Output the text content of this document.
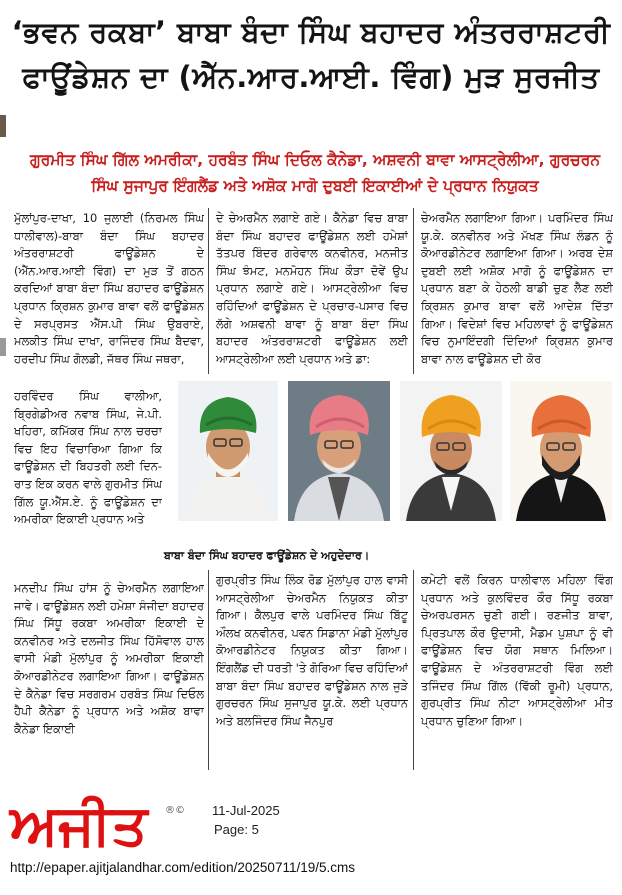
‘ਭਵਨ ਰਕਬਾ’ ਬਾਬਾ ਬੰਦਾ ਸਿੰਘ ਬਹਾਦਰ ਅੰਤਰਰਾਸ਼ਟਰੀ ਫਾਊਂਡੇਸ਼ਨ ਦਾ (ਐੱਨ.ਆਰ.ਆਈ. ਵਿੰਗ) ਮੁੜ ਸੁਰਜੀਤ
ਗੁਰਮੀਤ ਸਿੰਘ ਗਿੱਲ ਅਮਰੀਕਾ, ਹਰਬੰਤ ਸਿੰਘ ਦਿਓਲ ਕੈਨੇਡਾ, ਅਸ਼ਵਨੀ ਬਾਵਾ ਆਸਟ੍ਰੇਲੀਆ, ਗੁਰਚਰਨ ਸਿੰਘ ਸੁਜਾਪੁਰ ਇੰਗਲੈਂਡ ਅਤੇ ਅਸ਼ੋਕ ਮਾਗੋ ਦੁਬਈ ਇਕਾਈਆਂ ਦੇ ਪ੍ਰਧਾਨ ਨਿਯੁਕਤ
ਮੁੱਲਾਂਪੁਰ-ਦਾਖਾ, 10 ਜੁਲਾਈ (ਨਿਰਮਲ ਸਿੰਘ ਧਾਲੀਵਾਲ)-ਬਾਬਾ ਬੰਦਾ ਸਿੰਘ ਬਹਾਦਰ ਅੰਤਰਰਾਸ਼ਟਰੀ ਫਾਊਂਡੇਸ਼ਨ ਦੇ (ਐੱਨ.ਆਰ.ਆਈ ਵਿੰਗ) ਦਾ ਮੁੜ ਤੋਂ ਗਠਨ ਕਰਦਿਆਂ ਬਾਬਾ ਬੰਦਾ ਸਿੰਘ ਬਹਾਦਰ ਫਾਊਂਡੇਸ਼ਨ ਪ੍ਰਧਾਨ ਕ੍ਰਿਸ਼ਨ ਕੁਮਾਰ ਬਾਵਾ ਵਲੋਂ ਫਾਊਂਡੇਸ਼ਨ ਦੇ ਸਰਪ੍ਰਸਤ ਐੱਸ.ਪੀ ਸਿੰਘ ਉਬਰਾਏ, ਮਲਕੀਤ ਸਿੰਘ ਦਾਖਾ, ਰਾਜਿੰਦਰ ਸਿੰਘ ਬੈਦਵਾ, ਹਰਦੀਪ ਸਿੰਘ ਗੋਲਡੀ, ਜੱਥਰ ਸਿੰਘ ਜਥਰਾ,
ਹਰਵਿੰਦਰ ਸਿੰਘ ਵਾਲੀਆ, ਬ੍ਰਿਗੇਡੀਅਰ ਨਵਾਬ ਸਿੰਘ, ਜੇ.ਪੀ. ਖਹਿਰਾ, ਕਮਿੱਕਰ ਸਿੰਘ ਨਾਲ ਚਰਚਾ ਵਿਚ ਇਹ ਵਿਚਾਰਿਆ ਗਿਆ ਕਿ ਫਾਊਂਡੇਸ਼ਨ ਦੀ ਬਿਹਤਰੀ ਲਈ ਦਿਨ-ਰਾਤ ਇਕ ਕਰਨ ਵਾਲੇ ਗੁਰਮੀਤ ਸਿੰਘ ਗਿੱਲ ਯੂ.ਐੱਸ.ਏ. ਨੂੰ ਫਾਊਂਡੇਸ਼ਨ ਦਾ ਅਮਰੀਕਾ ਇਕਾਈ ਪ੍ਰਧਾਨ ਅਤੇ
ਮਨਦੀਪ ਸਿੰਘ ਹਾਂਸ ਨੂੰ ਚੇਅਰਮੈਨ ਲਗਾਇਆ ਜਾਵੇ। ਫਾਊਂਡੇਸ਼ਨ ਲਈ ਹਮੇਸ਼ਾ ਸੰਜੀਦਾ ਬਹਾਦਰ ਸਿੰਘ ਸਿੱਧੂ ਰਕਬਾ ਅਮਰੀਕਾ ਇਕਾਈ ਦੇ ਕਨਵੀਨਰ ਅਤੇ ਦਲਜੀਤ ਸਿੰਘ ਹਿੱਸੋਵਾਲ ਹਾਲ ਵਾਸੀ ਮੰਡੀ ਮੁੱਲਾਂਪੁਰ ਨੂੰ ਅਮਰੀਕਾ ਇਕਾਈ ਕੋਆਰਡੀਨੇਟਰ ਲਗਾਇਆ ਗਿਆ। ਫਾਊਂਡੇਸ਼ਨ ਦੇ ਕੈਨੇਡਾ ਵਿਚ ਸਰਗਰਮ ਹਰਬੰਤ ਸਿੰਘ ਦਿਓਲ ਹੈਪੀ ਕੈਨੇਡਾ ਨੂੰ ਪ੍ਰਧਾਨ ਅਤੇ ਅਸ਼ੋਕ ਬਾਵਾ ਕੈਨੇਡਾ ਇਕਾਈ
ਦੇ ਚੇਅਰਮੈਨ ਲਗਾਏ ਗਏ। ਕੈਨੇਡਾ ਵਿਚ ਬਾਬਾ ਬੰਦਾ ਸਿੰਘ ਬਹਾਦਰ ਫਾਊਂਡੇਸ਼ਨ ਲਈ ਹਮੇਸ਼ਾਂ ਤੱਤਪਰ ਬਿੰਦਰ ਗਰੇਵਾਲ ਕਨਵੀਨਰ, ਮਨਜੀਤ ਸਿੰਘ ਝੰਮਟ, ਮਨਮੋਹਨ ਸਿੰਘ ਕੌੜਾ ਦੋਵੇਂ ਉਪ ਪ੍ਰਧਾਨ ਲਗਾਏ ਗਏ। ਆਸਟ੍ਰੇਲੀਆ ਵਿਚ ਰਹਿੰਦਿਆਂ ਫਾਊਂਡੇਸ਼ਨ ਦੇ ਪ੍ਰਚਾਰ-ਪਸਾਰ ਵਿਚ ਲੱਗੇ ਅਸ਼ਵਨੀ ਬਾਵਾ ਨੂੰ ਬਾਬਾ ਬੰਦਾ ਸਿੰਘ ਬਹਾਦਰ ਅੰਤਰਰਾਸ਼ਟਰੀ ਫਾਊਂਡੇਸ਼ਨ ਲਈ ਆਸਟ੍ਰੇਲੀਆ ਲਈ ਪ੍ਰਧਾਨ ਅਤੇ ਡਾ:
ਗੁਰਪ੍ਰੀਤ ਸਿੰਘ ਲਿੰਕ ਰੋਡ ਮੁੱਲਾਂਪੁਰ ਹਾਲ ਵਾਸੀ ਆਸਟ੍ਰੇਲੀਆ ਚੇਅਰਮੈਨ ਨਿਯੁਕਤ ਕੀਤਾ ਗਿਆ। ਕੈਲਪੁਰ ਵਾਲੇ ਪਰਮਿੰਦਰ ਸਿੰਘ ਬਿੱਟੂ ਔਲਖ ਕਨਵੀਨਰ, ਪਵਨ ਸਿਡਾਨਾ ਮੰਡੀ ਮੁੱਲਾਂਪੁਰ ਕੋਆਰਡੀਨੇਟਰ ਨਿਯੁਕਤ ਕੀਤਾ ਗਿਆ। ਇੰਗਲੈਂਡ ਦੀ ਧਰਤੀ 'ਤੇ ਗੋਰਿਆ ਵਿਚ ਰਹਿੰਦਿਆਂ ਬਾਬਾ ਬੰਦਾ ਸਿੰਘ ਬਹਾਦਰ ਫਾਊਂਡੇਸ਼ਨ ਨਾਲ ਜੁੜੇ ਗੁਰਚਰਨ ਸਿੰਘ ਸੁਜਾਪੁਰ ਯੂ.ਕੇ. ਲਈ ਪ੍ਰਧਾਨ ਅਤੇ ਬਲਜਿੰਦਰ ਸਿੰਘ ਜੈਨਪੁਰ
ਚੇਅਰਮੈਨ ਲਗਾਇਆ ਗਿਆ। ਪਰਮਿੰਦਰ ਸਿੰਘ ਯੂ.ਕੇ. ਕਨਵੀਨਰ ਅਤੇ ਮੱਖਣ ਸਿੰਘ ਲੰਡਨ ਨੂੰ ਕੋਆਰਡੀਨੇਟਰ ਲਗਾਇਆ ਗਿਆ। ਅਰਬ ਦੇਸ਼ ਦੁਬਈ ਲਈ ਅਸ਼ੋਕ ਮਾਗੋ ਨੂੰ ਫਾਊਂਡੇਸ਼ਨ ਦਾ ਪ੍ਰਧਾਨ ਬਣਾ ਕੇ ਹੇਠਲੀ ਬਾਡੀ ਚੁਣ ਲੈਣ ਲਈ ਕ੍ਰਿਸ਼ਨ ਕੁਮਾਰ ਬਾਵਾ ਵਲੋਂ ਆਦੇਸ਼ ਦਿੱਤਾ ਗਿਆ। ਵਿਦੇਸ਼ਾਂ ਵਿਚ ਮਹਿਲਾਵਾਂ ਨੂੰ ਫਾਊਂਡੇਸ਼ਨ ਵਿਚ ਨੁਮਾਇੰਦਗੀ ਦਿੰਦਿਆਂ ਕ੍ਰਿਸ਼ਨ ਕੁਮਾਰ ਬਾਵਾ ਨਾਲ ਫਾਊਂਡੇਸ਼ਨ ਦੀ ਕੋਰ
ਕਮੇਟੀ ਵਲੋਂ ਕਿਰਨ ਧਾਲੀਵਾਲ ਮਹਿਲਾ ਵਿੰਗ ਪ੍ਰਧਾਨ ਅਤੇ ਕੁਲਵਿੰਦਰ ਕੌਰ ਸਿੱਧੂ ਰਕਬਾ ਚੇਅਰਪਰਸਨ ਚੁਣੀ ਗਈ। ਰਣਜੀਤ ਬਾਵਾ, ਪ੍ਰਿਤਪਾਲ ਕੌਰ ਉਦਾਸੀ, ਮੈਡਮ ਪੁਸ਼ਪਾ ਨੂੰ ਵੀ ਫਾਊਂਡੇਸ਼ਨ ਵਿਚ ਯੋਗ ਸਥਾਨ ਮਿਲਿਆ। ਫਾਊਂਡੇਸ਼ਨ ਦੇ ਅੰਤਰਰਾਸ਼ਟਰੀ ਵਿੰਗ ਲਈ ਤਜਿੰਦਰ ਸਿੰਘ ਗਿੱਲ (ਵਿੱਕੀ ਰੂਮੀ) ਪ੍ਰਧਾਨ, ਗੁਰਪ੍ਰੀਤ ਸਿੰਘ ਨੀਟਾ ਆਸਟ੍ਰੇਲੀਆ ਮੀਤ ਪ੍ਰਧਾਨ ਚੁਣਿਆ ਗਿਆ।
ਬਾਬਾ ਬੰਦਾ ਸਿੰਘ ਬਹਾਦਰ ਫਾਊਂਡੇਸ਼ਨ ਦੇ ਅਹੁਦੇਦਾਰ।
ਅਜੀਤ ®© 11-Jul-2025
Page: 5
http://epaper.ajitjalandhar.com/edition/20250711/19/5.cms
